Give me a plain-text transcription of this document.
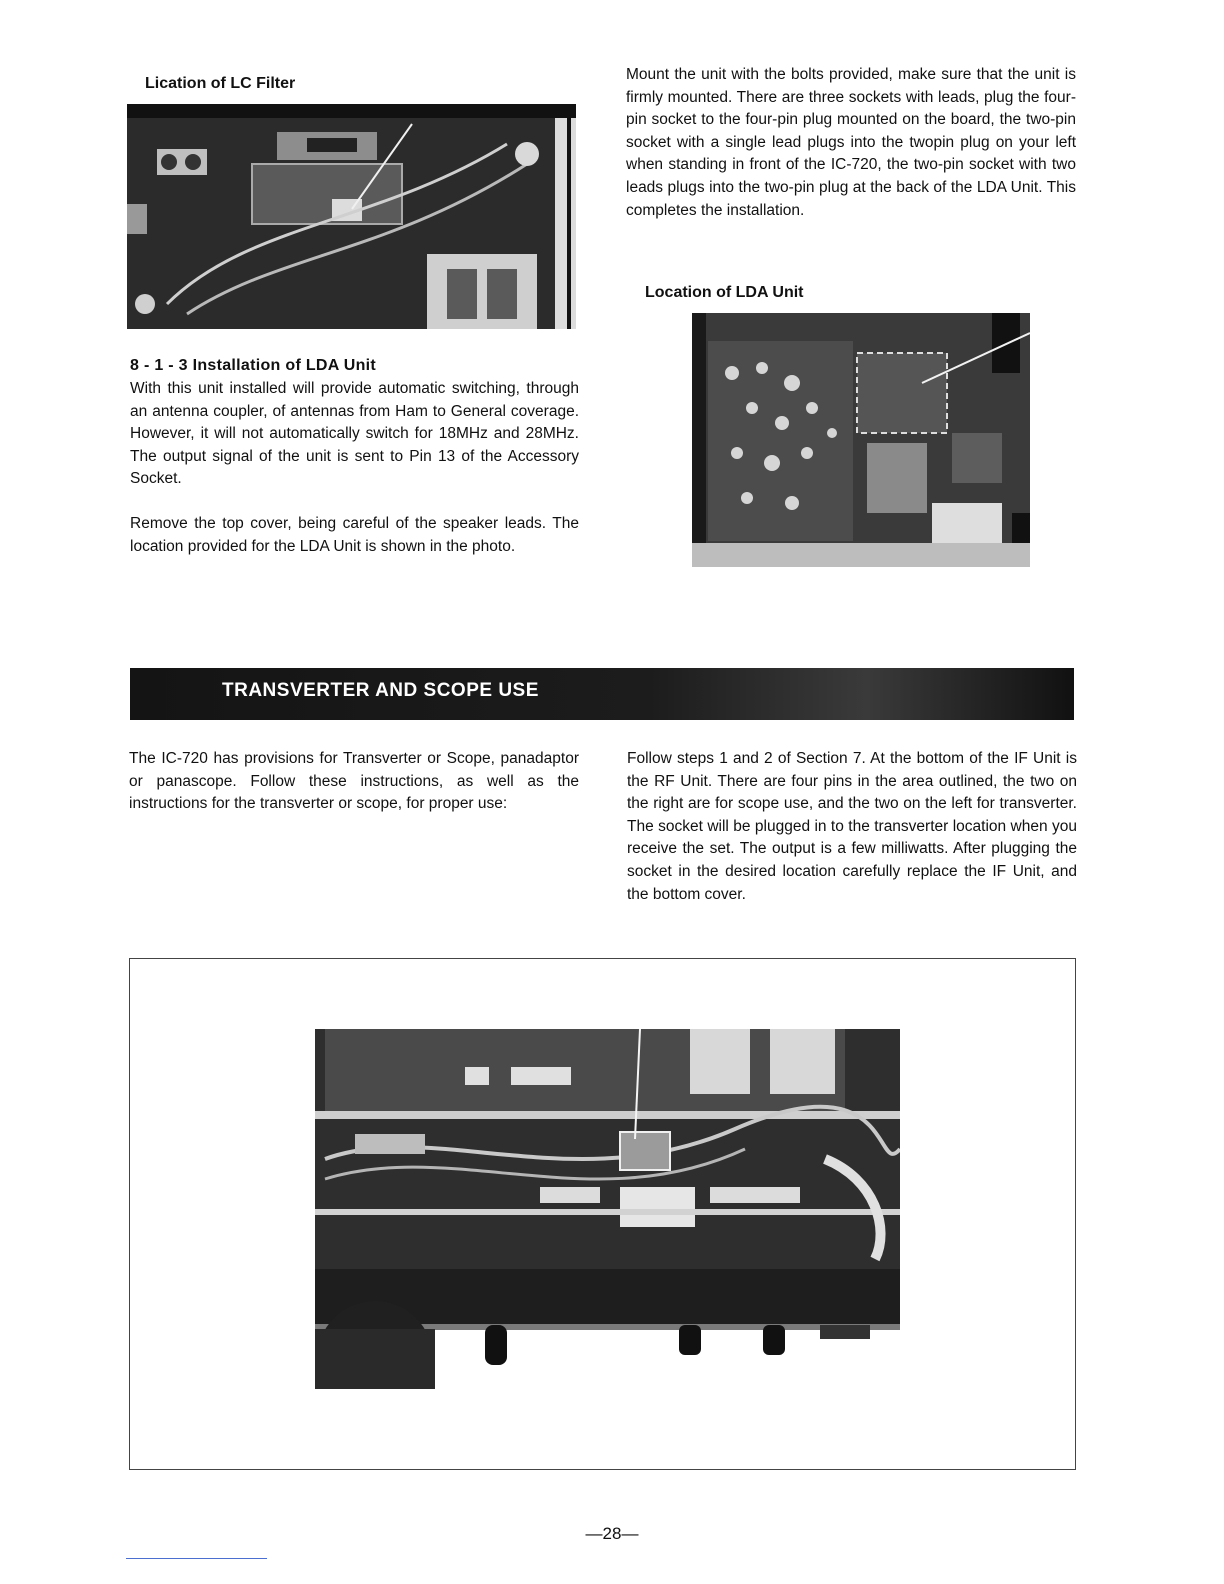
Lication of LC Filter
8 - 1 - 3 Installation of LDA Unit
With this unit installed will provide automatic switching, through an antenna coupler, of antennas from Ham to General coverage. However, it will not automatically switch for 18MHz and 28MHz. The output signal of the unit is sent to Pin 13 of the Accessory Socket.
Remove the top cover, being careful of the speaker leads. The location provided for the LDA Unit is shown in the photo.
Mount the unit with the bolts provided, make sure that the unit is firmly mounted. There are three sockets with leads, plug the four-pin socket to the four-pin plug mounted on the board, the two-pin socket with a single lead plugs into the twopin plug on your left when standing in front of the IC-720, the two-pin socket with two leads plugs into the two-pin plug at the back of the LDA Unit. This completes the installation.
Location of LDA Unit
TRANSVERTER AND SCOPE USE
The IC-720 has provisions for Transverter or Scope, panadaptor or panascope. Follow these instructions, as well as the instructions for the transverter or scope, for proper use:
Follow steps 1 and 2 of Section 7. At the bottom of the IF Unit is the RF Unit. There are four pins in the area outlined, the two on the right are for scope use, and the two on the left for transverter. The socket will be plugged in to the transverter location when you receive the set. The output is a few milliwatts. After plugging the socket in the desired location carefully replace the IF Unit, and the bottom cover.
—28—
